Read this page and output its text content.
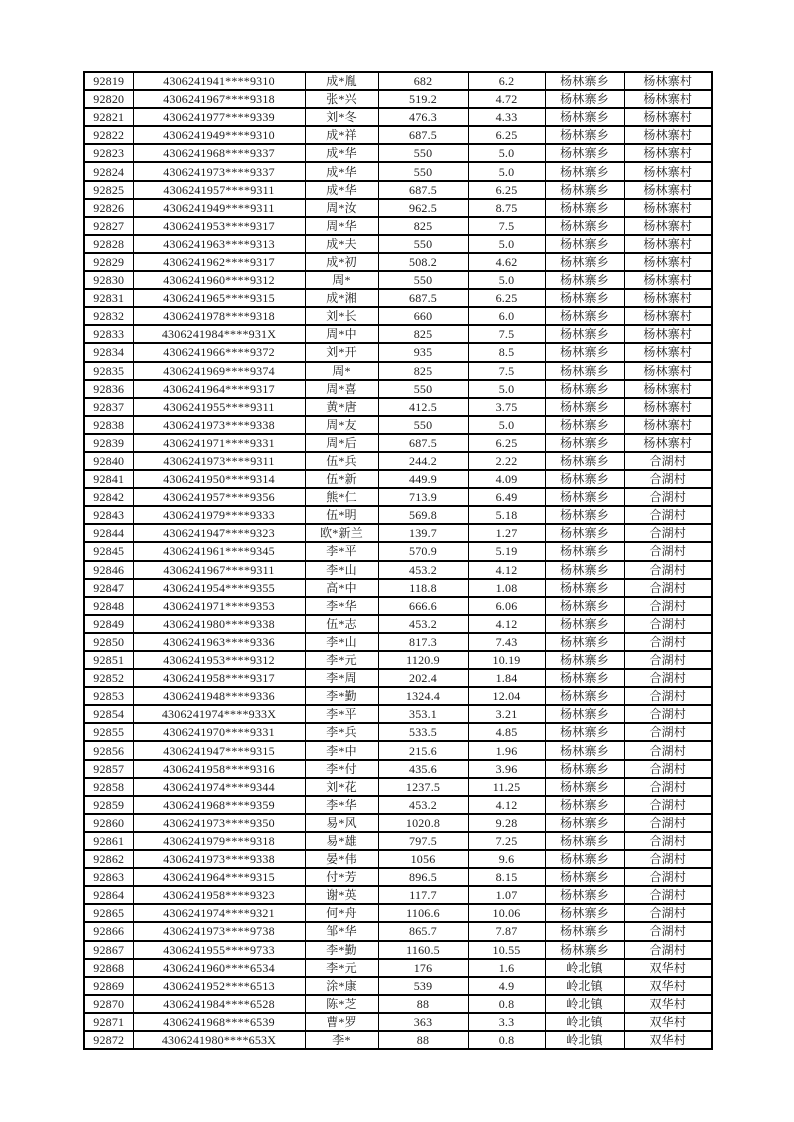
92819	4306241941****9310	成*胤	682	6.2	杨林寨乡	杨林寨村
92820	4306241967****9318	张*兴	519.2	4.72	杨林寨乡	杨林寨村
92821	4306241977****9339	刘*冬	476.3	4.33	杨林寨乡	杨林寨村
92822	4306241949****9310	成*祥	687.5	6.25	杨林寨乡	杨林寨村
92823	4306241968****9337	成*华	550	5.0	杨林寨乡	杨林寨村
92824	4306241973****9337	成*华	550	5.0	杨林寨乡	杨林寨村
92825	4306241957****9311	成*华	687.5	6.25	杨林寨乡	杨林寨村
92826	4306241949****9311	周*汝	962.5	8.75	杨林寨乡	杨林寨村
92827	4306241953****9317	周*华	825	7.5	杨林寨乡	杨林寨村
92828	4306241963****9313	成*夫	550	5.0	杨林寨乡	杨林寨村
92829	4306241962****9317	成*初	508.2	4.62	杨林寨乡	杨林寨村
92830	4306241960****9312	周*	550	5.0	杨林寨乡	杨林寨村
92831	4306241965****9315	成*湘	687.5	6.25	杨林寨乡	杨林寨村
92832	4306241978****9318	刘*长	660	6.0	杨林寨乡	杨林寨村
92833	4306241984****931X	周*中	825	7.5	杨林寨乡	杨林寨村
92834	4306241966****9372	刘*开	935	8.5	杨林寨乡	杨林寨村
92835	4306241969****9374	周*	825	7.5	杨林寨乡	杨林寨村
92836	4306241964****9317	周*喜	550	5.0	杨林寨乡	杨林寨村
92837	4306241955****9311	黄*唐	412.5	3.75	杨林寨乡	杨林寨村
92838	4306241973****9338	周*友	550	5.0	杨林寨乡	杨林寨村
92839	4306241971****9331	周*后	687.5	6.25	杨林寨乡	杨林寨村
92840	4306241973****9311	伍*兵	244.2	2.22	杨林寨乡	合湖村
92841	4306241950****9314	伍*新	449.9	4.09	杨林寨乡	合湖村
92842	4306241957****9356	熊*仁	713.9	6.49	杨林寨乡	合湖村
92843	4306241979****9333	伍*明	569.8	5.18	杨林寨乡	合湖村
92844	4306241947****9323	欧*新兰	139.7	1.27	杨林寨乡	合湖村
92845	4306241961****9345	李*平	570.9	5.19	杨林寨乡	合湖村
92846	4306241967****9311	李*山	453.2	4.12	杨林寨乡	合湖村
92847	4306241954****9355	高*中	118.8	1.08	杨林寨乡	合湖村
92848	4306241971****9353	李*华	666.6	6.06	杨林寨乡	合湖村
92849	4306241980****9338	伍*志	453.2	4.12	杨林寨乡	合湖村
92850	4306241963****9336	李*山	817.3	7.43	杨林寨乡	合湖村
92851	4306241953****9312	李*元	1120.9	10.19	杨林寨乡	合湖村
92852	4306241958****9317	李*周	202.4	1.84	杨林寨乡	合湖村
92853	4306241948****9336	李*勤	1324.4	12.04	杨林寨乡	合湖村
92854	4306241974****933X	李*平	353.1	3.21	杨林寨乡	合湖村
92855	4306241970****9331	李*兵	533.5	4.85	杨林寨乡	合湖村
92856	4306241947****9315	李*中	215.6	1.96	杨林寨乡	合湖村
92857	4306241958****9316	李*付	435.6	3.96	杨林寨乡	合湖村
92858	4306241974****9344	刘*花	1237.5	11.25	杨林寨乡	合湖村
92859	4306241968****9359	李*华	453.2	4.12	杨林寨乡	合湖村
92860	4306241973****9350	易*风	1020.8	9.28	杨林寨乡	合湖村
92861	4306241979****9318	易*雄	797.5	7.25	杨林寨乡	合湖村
92862	4306241973****9338	晏*伟	1056	9.6	杨林寨乡	合湖村
92863	4306241964****9315	付*芳	896.5	8.15	杨林寨乡	合湖村
92864	4306241958****9323	谢*英	117.7	1.07	杨林寨乡	合湖村
92865	4306241974****9321	何*舟	1106.6	10.06	杨林寨乡	合湖村
92866	4306241973****9738	邹*华	865.7	7.87	杨林寨乡	合湖村
92867	4306241955****9733	李*勤	1160.5	10.55	杨林寨乡	合湖村
92868	4306241960****6534	李*元	176	1.6	岭北镇	双华村
92869	4306241952****6513	涂*康	539	4.9	岭北镇	双华村
92870	4306241984****6528	陈*芝	88	0.8	岭北镇	双华村
92871	4306241968****6539	曹*罗	363	3.3	岭北镇	双华村
92872	4306241980****653X	李*	88	0.8	岭北镇	双华村
